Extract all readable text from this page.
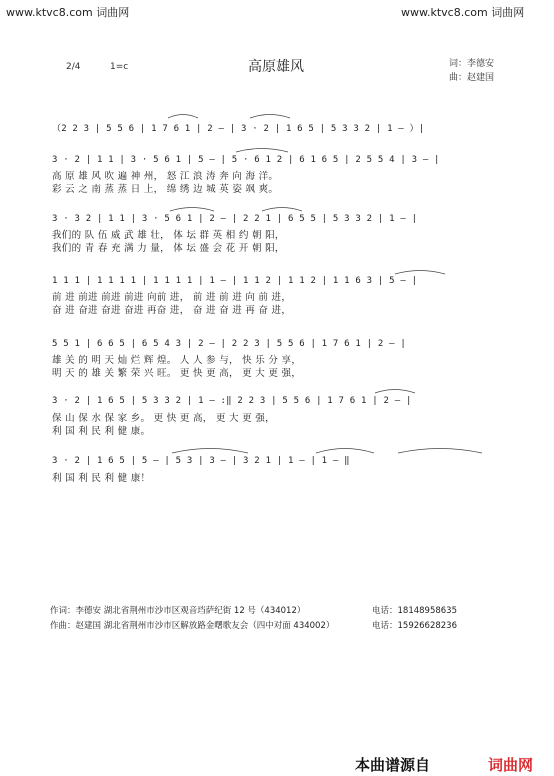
www.ktvc8.com 词曲网	www.ktvc8.com 词曲网
2/4	1=c	高原雄风	词：李德安
曲：赵建国
（2 2 3 | 5 5 6 | 1 7 6 1 | 2 — | 3 · 2 | 1 6 5 | 5 3 3 2 | 1 — ）|
3 · 2 | 1 1 | 3 · 5 6 1 | 5 — | 5 · 6 1 2 | 6 1 6 5 | 2 5 5 4 | 3 — |
高 原 雄 风 吹 遍 神 州， 怒 江 浪 涛 奔 向 海 洋。
彩 云 之 南 蒸 蒸 日 上， 绵 绣 边 城 英 姿 飒 爽。
3 · 3 2 | 1 1 | 3 · 5 6 1 | 2 — | 2 2 1 | 6 5 5 | 5 3 3 2 | 1 — |
我们的 队 伍 威 武 雄 壮， 体 坛 群 英 相 约 朝 阳，
我们的 青 春 充 满 力 量， 体 坛 盛 会 花 开 朝 阳，
1 1 1 | 1 1 1 1 | 1 1 1 1 | 1 — | 1 1 2 | 1 1 2 | 1 1 6 3 | 5 — |
前 进 前进 前进 前进 向前 进， 前 进 前 进 向 前 进，
奋 进 奋进 奋进 奋进 再奋 进， 奋 进 奋 进 再 奋 进，
5 5 1 | 6 6 5 | 6 5 4 3 | 2 — | 2 2 3 | 5 5 6 | 1 7 6 1 | 2 — |
雄 关 的 明 天 灿 烂 辉 煌。 人 人 参 与， 快 乐 分 享，
明 天 的 雄 关 繁 荣 兴 旺。 更 快 更 高， 更 大 更 强，
3 · 2 | 1 6 5 | 5 3 3 2 | 1 — :‖ 2 2 3 | 5 5 6 | 1 7 6 1 | 2 — |
保 山 保 水 保 家 乡。 更 快 更 高， 更 大 更 强，
利 国 利 民 利 健 康。
3 · 2 | 1 6 5 | 5 — | 5 3 | 3 — | 3 2 1 | 1 — | 1 — ‖
利 国 利 民 利 健 康！
作词：李德安 湖北省荆州市沙市区观音垱萨纪街 12 号（434012）	电话：18148958635
作曲：赵建国 湖北省荆州市沙市区解放路金曙歌友会（四中对面 434002）	电话：15926628236
本曲谱源自	词曲网
